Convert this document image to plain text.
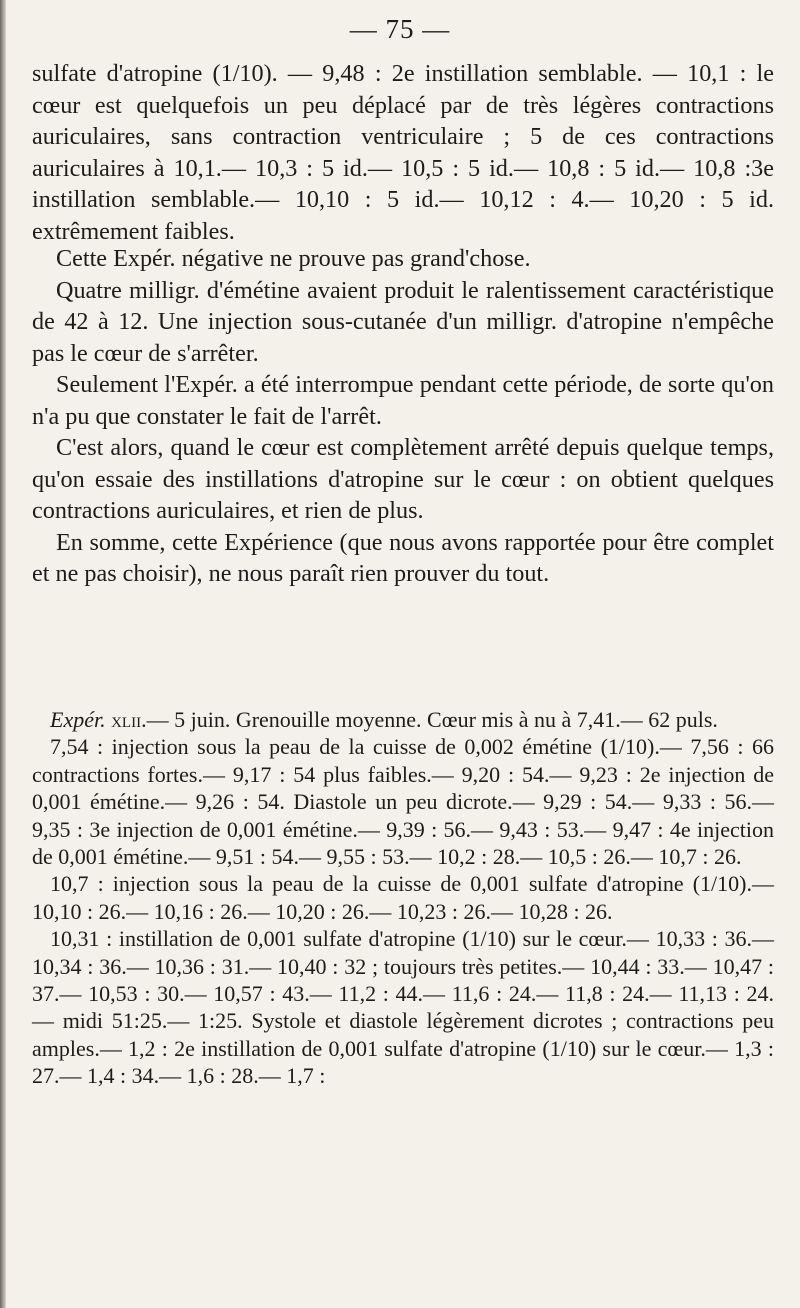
— 75 —

sulfate d'atropine (1/10). — 9,48 : 2e instillation semblable. — 10,1 : le cœur est quelquefois un peu déplacé par de très légères contractions auriculaires, sans contraction ventriculaire ; 5 de ces contractions auriculaires à 10,1.— 10,3 : 5 id.— 10,5 : 5 id.— 10,8 : 5 id.— 10,8 :3e instillation semblable.— 10,10 : 5 id.— 10,12 : 4.— 10,20 : 5 id. extrêmement faibles.

Cette Expér. négative ne prouve pas grand'chose.

Quatre milligr. d'émétine avaient produit le ralentissement caractéristique de 42 à 12. Une injection sous-cutanée d'un milligr. d'atropine n'empêche pas le cœur de s'arrêter.

Seulement l'Expér. a été interrompue pendant cette période, de sorte qu'on n'a pu que constater le fait de l'arrêt.

C'est alors, quand le cœur est complètement arrêté depuis quelque temps, qu'on essaie des instillations d'atropine sur le cœur : on obtient quelques contractions auriculaires, et rien de plus.

En somme, cette Expérience (que nous avons rapportée pour être complet et ne pas choisir), ne nous paraît rien prouver du tout.

Expér. xlii.— 5 juin. Grenouille moyenne. Cœur mis à nu à 7,41.— 62 puls.

7,54 : injection sous la peau de la cuisse de 0,002 émétine (1/10).— 7,56 : 66 contractions fortes.— 9,17 : 54 plus faibles.— 9,20 : 54.— 9,23 : 2e injection de 0,001 émétine.— 9,26 : 54. Diastole un peu dicrote.— 9,29 : 54.— 9,33 : 56.— 9,35 : 3e injection de 0,001 émétine.— 9,39 : 56.— 9,43 : 53.— 9,47 : 4e injection de 0,001 émétine.— 9,51 : 54.— 9,55 : 53.— 10,2 : 28.— 10,5 : 26.— 10,7 : 26.

10,7 : injection sous la peau de la cuisse de 0,001 sulfate d'atropine (1/10).— 10,10 : 26.— 10,16 : 26.— 10,20 : 26.— 10,23 : 26.— 10,28 : 26.

10,31 : instillation de 0,001 sulfate d'atropine (1/10) sur le cœur.— 10,33 : 36.— 10,34 : 36.— 10,36 : 31.— 10,40 : 32 ; toujours très petites.— 10,44 : 33.— 10,47 : 37.— 10,53 : 30.— 10,57 : 43.— 11,2 : 44.— 11,6 : 24.— 11,8 : 24.— 11,13 : 24.— midi 51:25.— 1:25. Systole et diastole légèrement dicrotes ; contractions peu amples.— 1,2 : 2e instillation de 0,001 sulfate d'atropine (1/10) sur le cœur.— 1,3 : 27.— 1,4 : 34.— 1,6 : 28.— 1,7 :
